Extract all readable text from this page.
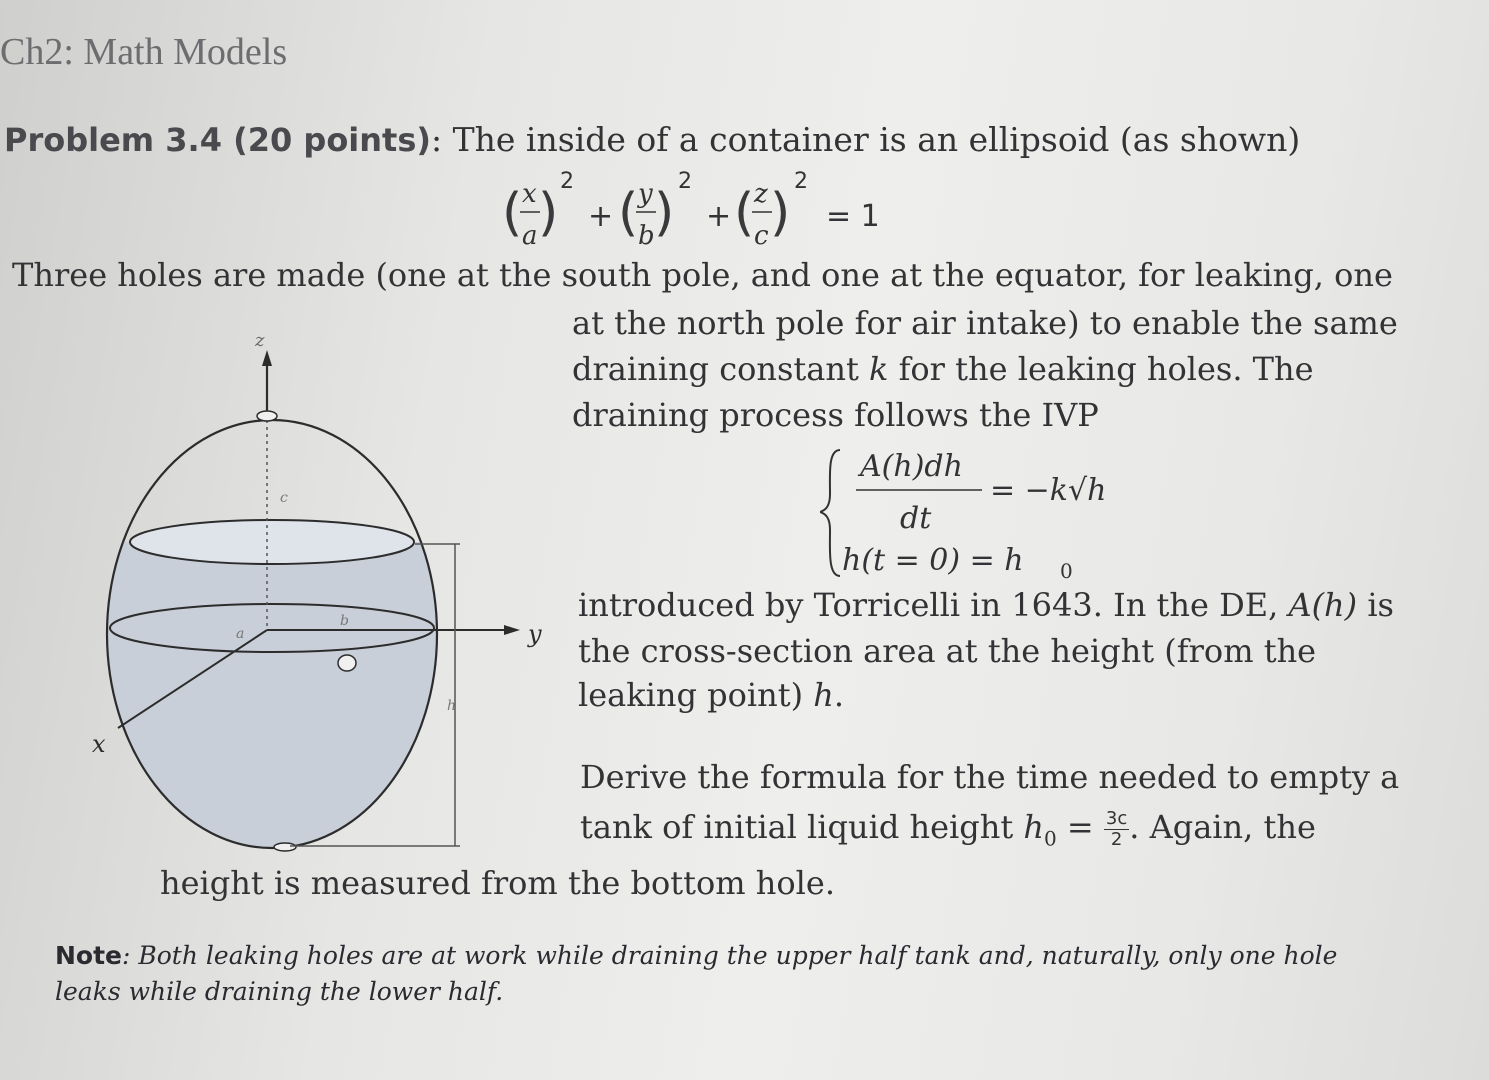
Ch2: Math Models
Problem 3.4 (20 points): The inside of a container is an ellipsoid (as shown)
( x
a )
2
+ ( y
b )
2
+ ( z
c )
2
= 1
Three holes are made (one at the south pole, and one at the equator, for leaking, one
at the north pole for air intake) to enable the same
draining constant k for the leaking holes. The
draining process follows the IVP
A(h)dh
dt
= −k√h
h(t = 0) = h 0
introduced by Torricelli in 1643. In the DE, A(h) is
the cross-section area at the height (from the
leaking point) h.
Derive the formula for the time needed to empty a
tank of initial liquid height $h_0 = \frac{3c}{2}$ . Again, the
height is measured from the bottom hole.
Note: Both leaking holes are at work while draining the upper half tank and, naturally, only one hole leaks while draining the lower half.
z
y
x
a
b
c
h
